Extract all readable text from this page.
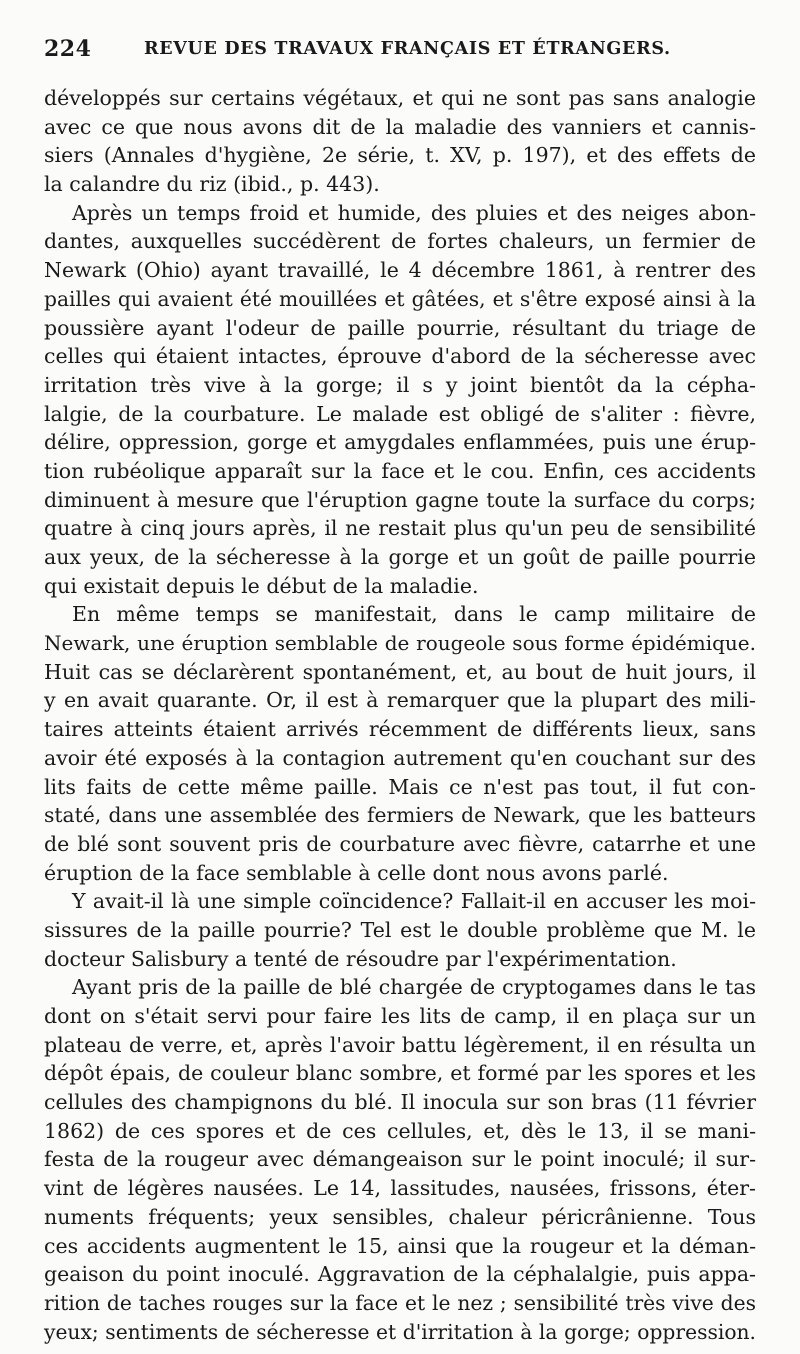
224	REVUE DES TRAVAUX FRANÇAIS ET ÉTRANGERS.
développés sur certains végétaux, et qui ne sont pas sans analogie
avec ce que nous avons dit de la maladie des vanniers et cannis-
siers (Annales d'hygiène, 2e série, t. XV, p. 197), et des effets de
la calandre du riz (ibid., p. 443).
Après un temps froid et humide, des pluies et des neiges abon-
dantes, auxquelles succédèrent de fortes chaleurs, un fermier de
Newark (Ohio) ayant travaillé, le 4 décembre 1861, à rentrer des
pailles qui avaient été mouillées et gâtées, et s'être exposé ainsi à la
poussière ayant l'odeur de paille pourrie, résultant du triage de
celles qui étaient intactes, éprouve d'abord de la sécheresse avec
irritation très vive à la gorge; il s y joint bientôt da la cépha-
lalgie, de la courbature. Le malade est obligé de s'aliter : fièvre,
délire, oppression, gorge et amygdales enflammées, puis une érup-
tion rubéolique apparaît sur la face et le cou. Enfin, ces accidents
diminuent à mesure que l'éruption gagne toute la surface du corps;
quatre à cinq jours après, il ne restait plus qu'un peu de sensibilité
aux yeux, de la sécheresse à la gorge et un goût de paille pourrie
qui existait depuis le début de la maladie.
En même temps se manifestait, dans le camp militaire de
Newark, une éruption semblable de rougeole sous forme épidémique.
Huit cas se déclarèrent spontanément, et, au bout de huit jours, il
y en avait quarante. Or, il est à remarquer que la plupart des mili-
taires atteints étaient arrivés récemment de différents lieux, sans
avoir été exposés à la contagion autrement qu'en couchant sur des
lits faits de cette même paille. Mais ce n'est pas tout, il fut con-
staté, dans une assemblée des fermiers de Newark, que les batteurs
de blé sont souvent pris de courbature avec fièvre, catarrhe et une
éruption de la face semblable à celle dont nous avons parlé.
Y avait-il là une simple coïncidence? Fallait-il en accuser les moi-
sissures de la paille pourrie? Tel est le double problème que M. le
docteur Salisbury a tenté de résoudre par l'expérimentation.
Ayant pris de la paille de blé chargée de cryptogames dans le tas
dont on s'était servi pour faire les lits de camp, il en plaça sur un
plateau de verre, et, après l'avoir battu légèrement, il en résulta un
dépôt épais, de couleur blanc sombre, et formé par les spores et les
cellules des champignons du blé. Il inocula sur son bras (11 février
1862) de ces spores et de ces cellules, et, dès le 13, il se mani-
festa de la rougeur avec démangeaison sur le point inoculé; il sur-
vint de légères nausées. Le 14, lassitudes, nausées, frissons, éter-
numents fréquents; yeux sensibles, chaleur péricrânienne. Tous
ces accidents augmentent le 15, ainsi que la rougeur et la déman-
geaison du point inoculé. Aggravation de la céphalalgie, puis appa-
rition de taches rouges sur la face et le nez ; sensibilité très vive des
yeux; sentiments de sécheresse et d'irritation à la gorge; oppression.
